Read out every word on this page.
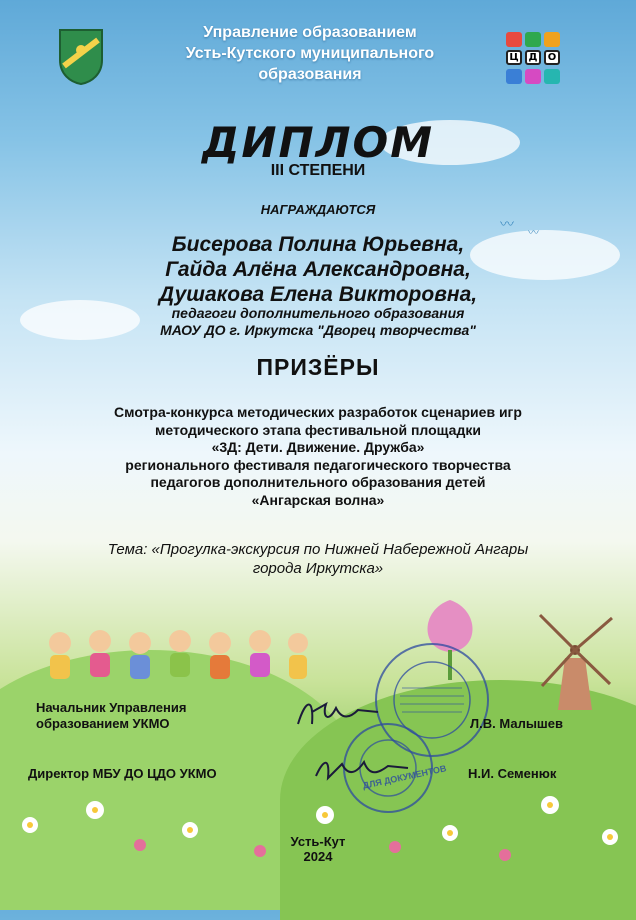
〰
〰
Управление образованием
Усть-Кутского муниципального
образования
Ц Д	О
ДИПЛОМ
III СТЕПЕНИ
НАГРАЖДАЮТСЯ
Бисерова Полина Юрьевна,
Гайда Алёна Александровна,
Душакова Елена Викторовна,
педагоги дополнительного образования
МАОУ ДО г. Иркутска "Дворец творчества"
ПРИЗЁРЫ
Смотра-конкурса методических разработок сценариев игр
методического этапа фестивальной площадки
«3Д: Дети. Движение. Дружба»
регионального фестиваля педагогического творчества
педагогов дополнительного образования детей
«Ангарская волна»
Тема: «Прогулка-экскурсия по Нижней Набережной Ангары
города Иркутска»
ДЛЯ ДОКУМЕНТОВ
Начальник Управления
образованием УКМО	Л.В. Малышев
Директор МБУ ДО ЦДО УКМО	Н.И. Семенюк
Усть-Кут
2024
